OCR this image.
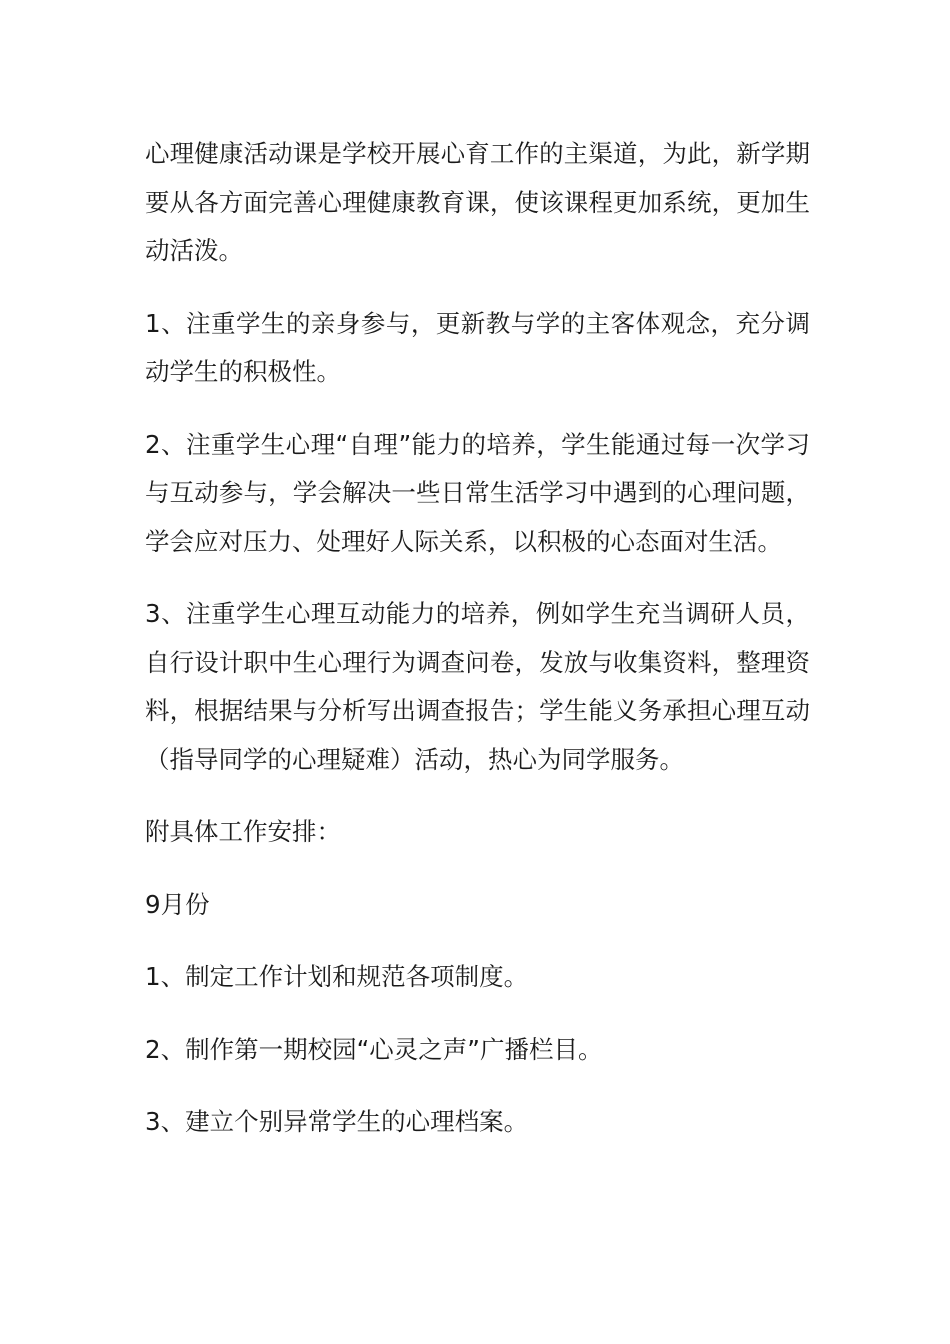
心理健康活动课是学校开展心育工作的主渠道，为此，新学期要从各方面完善心理健康教育课，使该课程更加系统，更加生动活泼。

1、注重学生的亲身参与，更新教与学的主客体观念，充分调动学生的积极性。

2、注重学生心理“自理”能力的培养，学生能通过每一次学习与互动参与，学会解决一些日常生活学习中遇到的心理问题，学会应对压力、处理好人际关系，以积极的心态面对生活。

3、注重学生心理互动能力的培养，例如学生充当调研人员，自行设计职中生心理行为调查问卷，发放与收集资料，整理资料，根据结果与分析写出调查报告；学生能义务承担心理互动（指导同学的心理疑难）活动，热心为同学服务。

附具体工作安排：

9月份

1、制定工作计划和规范各项制度。

2、制作第一期校园“心灵之声”广播栏目。

3、建立个别异常学生的心理档案。
